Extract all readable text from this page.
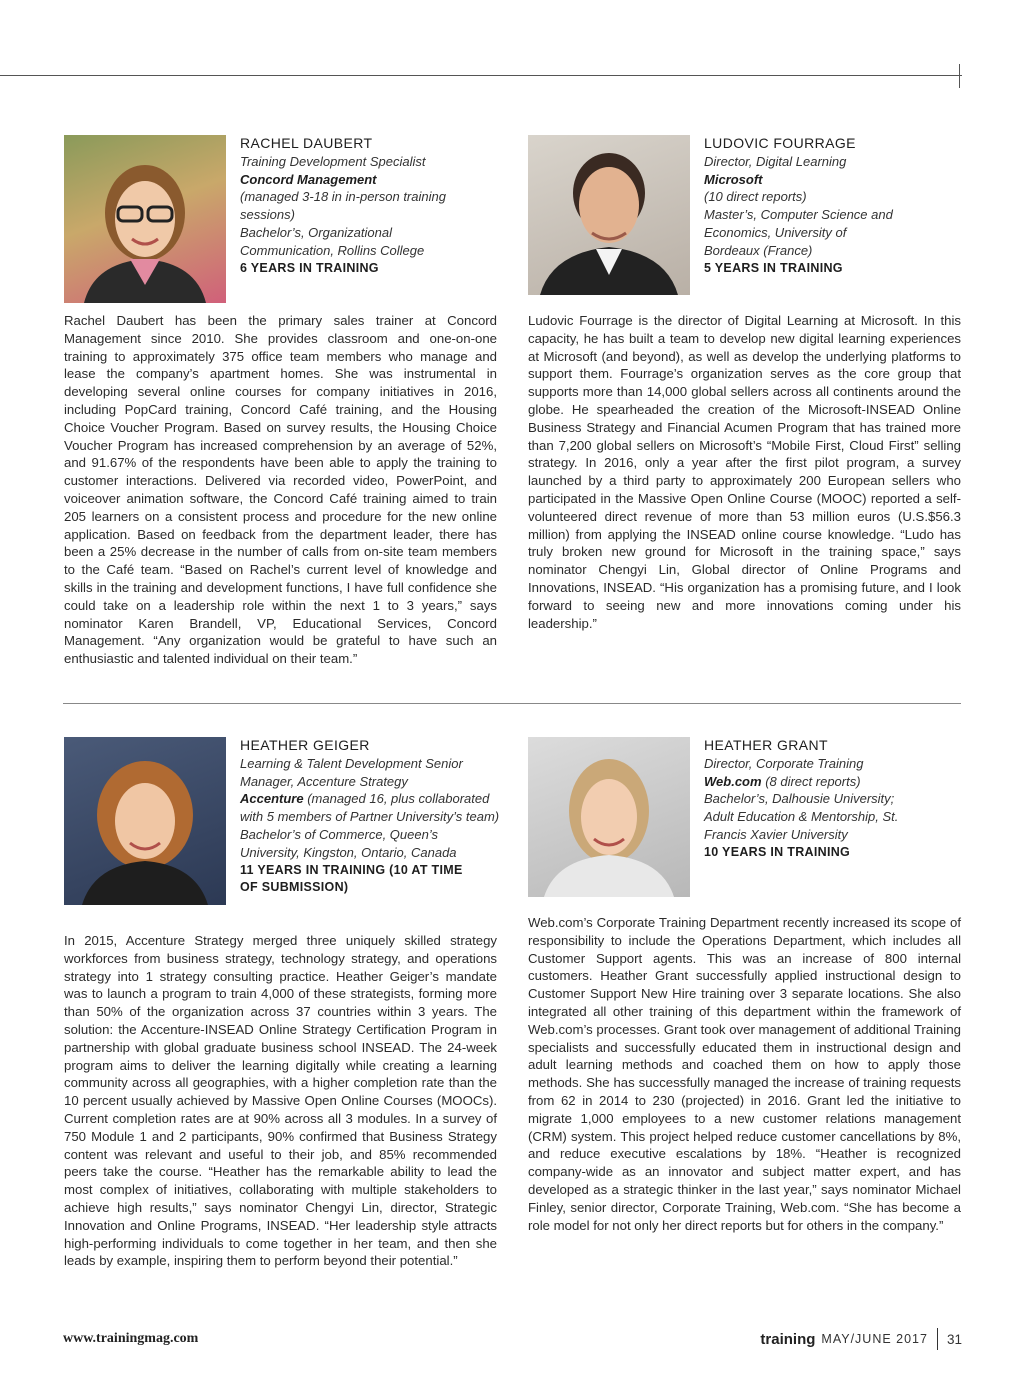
RACHEL DAUBERT
Training Development Specialist
Concord Management
(managed 3-18 in in-person training sessions)
Bachelor’s, Organizational Communication, Rollins College
6 YEARS IN TRAINING
Rachel Daubert has been the primary sales trainer at Concord Management since 2010. She provides classroom and one-on-one training to approximately 375 office team members who manage and lease the company’s apartment homes. She was instrumental in developing several online courses for company initiatives in 2016, including PopCard training, Concord Café training, and the Housing Choice Voucher Program. Based on survey results, the Housing Choice Voucher Program has increased comprehension by an average of 52%, and 91.67% of the respondents have been able to apply the training to customer interactions. Delivered via recorded video, PowerPoint, and voiceover animation software, the Concord Café training aimed to train 205 learners on a consistent process and procedure for the new online application. Based on feedback from the department leader, there has been a 25% decrease in the number of calls from on-site team members to the Café team. “Based on Rachel’s current level of knowledge and skills in the training and development functions, I have full confidence she could take on a leadership role within the next 1 to 3 years,” says nominator Karen Brandell, VP, Educational Services, Concord Management. “Any organization would be grateful to have such an enthusiastic and talented individual on their team.”
LUDOVIC FOURRAGE
Director, Digital Learning
Microsoft
(10 direct reports)
Master’s, Computer Science and Economics, University of Bordeaux (France)
5 YEARS IN TRAINING
Ludovic Fourrage is the director of Digital Learning at Microsoft. In this capacity, he has built a team to develop new digital learning experiences at Microsoft (and beyond), as well as develop the underlying platforms to support them. Fourrage’s organization serves as the core group that supports more than 14,000 global sellers across all continents around the globe. He spearheaded the creation of the Microsoft-INSEAD Online Business Strategy and Financial Acumen Program that has trained more than 7,200 global sellers on Microsoft’s “Mobile First, Cloud First” selling strategy. In 2016, only a year after the first pilot program, a survey launched by a third party to approximately 200 European sellers who participated in the Massive Open Online Course (MOOC) reported a self-volunteered direct revenue of more than 53 million euros (U.S.$56.3 million) from applying the INSEAD online course knowledge. “Ludo has truly broken new ground for Microsoft in the training space,” says nominator Chengyi Lin, Global director of Online Programs and Innovations, INSEAD. “His organization has a promising future, and I look forward to seeing new and more innovations coming under his leadership.”
HEATHER GEIGER
Learning & Talent Development Senior Manager, Accenture Strategy
Accenture (managed 16, plus collaborated with 5 members of Partner University’s team)
Bachelor’s of Commerce, Queen’s University, Kingston, Ontario, Canada
11 YEARS IN TRAINING (10 AT TIME OF SUBMISSION)
In 2015, Accenture Strategy merged three uniquely skilled strategy workforces from business strategy, technology strategy, and operations strategy into 1 strategy consulting practice. Heather Geiger’s mandate was to launch a program to train 4,000 of these strategists, forming more than 50% of the organization across 37 countries within 3 years. The solution: the Accenture-INSEAD Online Strategy Certification Program in partnership with global graduate business school INSEAD. The 24-week program aims to deliver the learning digitally while creating a learning community across all geographies, with a higher completion rate than the 10 percent usually achieved by Massive Open Online Courses (MOOCs). Current completion rates are at 90% across all 3 modules. In a survey of 750 Module 1 and 2 participants, 90% confirmed that Business Strategy content was relevant and useful to their job, and 85% recommended peers take the course. “Heather has the remarkable ability to lead the most complex of initiatives, collaborating with multiple stakeholders to achieve high results,” says nominator Chengyi Lin, director, Strategic Innovation and Online Programs, INSEAD. “Her leadership style attracts high-performing individuals to come together in her team, and then she leads by example, inspiring them to perform beyond their potential.”
HEATHER GRANT
Director, Corporate Training
Web.com (8 direct reports)
Bachelor’s, Dalhousie University; Adult Education & Mentorship, St. Francis Xavier University
10 YEARS IN TRAINING
Web.com’s Corporate Training Department recently increased its scope of responsibility to include the Operations Department, which includes all Customer Support agents. This was an increase of 800 internal customers. Heather Grant successfully applied instructional design to Customer Support New Hire training over 3 separate locations. She also integrated all other training of this department within the framework of Web.com’s processes. Grant took over management of additional Training specialists and successfully educated them in instructional design and adult learning methods and coached them on how to apply those methods. She has successfully managed the increase of training requests from 62 in 2014 to 230 (projected) in 2016. Grant led the initiative to migrate 1,000 employees to a new customer relations management (CRM) system. This project helped reduce customer cancellations by 8%, and reduce executive escalations by 18%. “Heather is recognized company-wide as an innovator and subject matter expert, and has developed as a strategic thinker in the last year,” says nominator Michael Finley, senior director, Corporate Training, Web.com. “She has become a role model for not only her direct reports but for others in the company.”
www.trainingmag.com	training MAY/JUNE 2017 31
